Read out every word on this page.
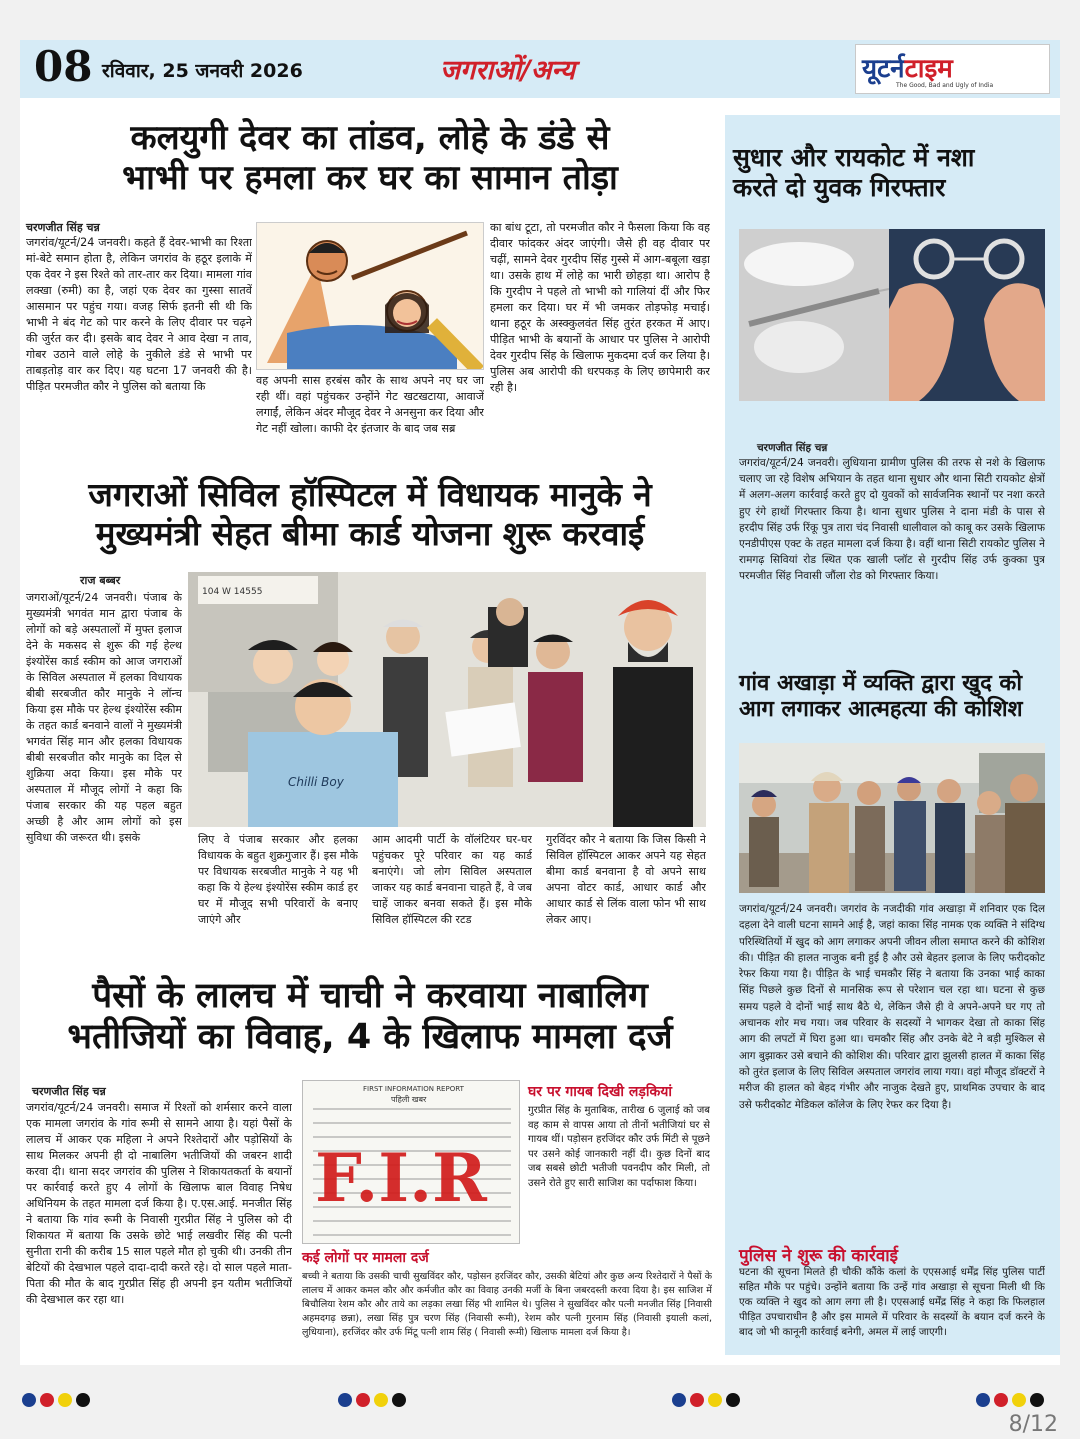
08 रविवार, 25 जनवरी 2026	जगराओं/अन्य	यूटर्नटाइम
The Good, Bad and Ugly of India
कलयुगी देवर का तांडव, लोहे के डंडे से
भाभी पर हमला कर घर का सामान तोड़ा
चरणजीत सिंह चन्न
जगरांव/यूटर्न/24 जनवरी। कहते हैं देवर-भाभी का रिश्ता मां-बेटे समान होता है, लेकिन जगरांव के हठूर इलाके में एक देवर ने इस रिश्ते को तार-तार कर दिया। मामला गांव लक्खा (रुमी) का है, जहां एक देवर का गुस्सा सातवें आसमान पर पहुंच गया। वजह सिर्फ इतनी सी थी कि भाभी ने बंद गेट को पार करने के लिए दीवार पर चढ़ने की जुर्रत कर दी। इसके बाद देवर ने आव देखा न ताव, गोबर उठाने वाले लोहे के नुकीले डंडे से भाभी पर ताबड़तोड़ वार कर दिए। यह घटना 17 जनवरी की है। पीड़ित परमजीत कौर ने पुलिस को बताया कि	वह अपनी सास हरबंस कौर के साथ अपने नए घर जा रही थीं। वहां पहुंचकर उन्होंने गेट खटखटाया, आवाजें लगाईं, लेकिन अंदर मौजूद देवर ने अनसुना कर दिया और गेट नहीं खोला। काफी देर इंतजार के बाद जब सब्र
का बांध टूटा, तो परमजीत कौर ने फैसला किया कि वह दीवार फांदकर अंदर जाएंगी। जैसे ही वह दीवार पर चढ़ीं, सामने देवर गुरदीप सिंह गुस्से में आग-बबूला खड़ा था। उसके हाथ में लोहे का भारी छोहड़ा था। आरोप है कि गुरदीप ने पहले तो भाभी को गालियां दीं और फिर हमला कर दिया। घर में भी जमकर तोड़फोड़ मचाई। थाना हठूर के अस्क्कुलवंत सिंह तुरंत हरकत में आए। पीड़ित भाभी के बयानों के आधार पर पुलिस ने आरोपी देवर गुरदीप सिंह के खिलाफ मुकदमा दर्ज कर लिया है। पुलिस अब आरोपी की धरपकड़ के लिए छापेमारी कर रही है।
जगराओं सिविल हॉस्पिटल में विधायक मानुके ने
मुख्यमंत्री सेहत बीमा कार्ड योजना शुरू करवाई
राज बब्बर
जगराओं/यूटर्न/24 जनवरी। पंजाब के मुख्यमंत्री भगवंत मान द्वारा पंजाब के लोगों को बड़े अस्पतालों में मुफ्त इलाज देने के मकसद से शुरू की गई हेल्थ इंश्योरेंस कार्ड स्कीम को आज जगराओं के सिविल अस्पताल में हलका विधायक बीबी सरबजीत कौर मानुके ने लॉन्च किया इस मौके पर हेल्थ इंश्योरेंस स्कीम के तहत कार्ड बनवाने वालों ने मुख्यमंत्री भगवंत सिंह मान और हलका विधायक बीबी सरबजीत कौर मानुके का दिल से शुक्रिया अदा किया। इस मौके पर अस्पताल में मौजूद लोगों ने कहा कि पंजाब सरकार की यह पहल बहुत अच्छी है और आम लोगों को इस सुविधा की जरूरत थी। इसके
104 W 14555
Chilli Boy
लिए वे पंजाब सरकार और हलका विधायक के बहुत शुक्रगुजार हैं। इस मौके पर विधायक सरबजीत मानुके ने यह भी कहा कि ये हेल्थ इंश्योरेंस स्कीम कार्ड हर घर में मौजूद सभी परिवारों के बनाए जाएंगे और
आम आदमी पार्टी के वॉलंटियर घर-घर पहुंचकर पूरे परिवार का यह कार्ड बनाएंगे। जो लोग सिविल अस्पताल जाकर यह कार्ड बनवाना चाहते हैं, वे जब चाहें जाकर बनवा सकते हैं। इस मौके सिविल हॉस्पिटल की रटड
गुरविंदर कौर ने बताया कि जिस किसी ने सिविल हॉस्पिटल आकर अपने यह सेहत बीमा कार्ड बनवाना है वो अपने साथ अपना वोटर कार्ड, आधार कार्ड और आधार कार्ड से लिंक वाला फोन भी साथ लेकर आए।
पैसों के लालच में चाची ने करवाया नाबालिग
भतीजियों का विवाह, 4 के खिलाफ मामला दर्ज
चरणजीत सिंह चन्न
जगरांव/यूटर्न/24 जनवरी। समाज में रिश्तों को शर्मसार करने वाला एक मामला जगरांव के गांव रूमी से सामने आया है। यहां पैसों के लालच में आकर एक महिला ने अपने रिश्तेदारों और पड़ोसियों के साथ मिलकर अपनी ही दो नाबालिग भतीजियों की जबरन शादी करवा दी। थाना सदर जगरांव की पुलिस ने शिकायतकर्ता के बयानों पर कार्रवाई करते हुए 4 लोगों के खिलाफ बाल विवाह निषेध अधिनियम के तहत मामला दर्ज किया है। ए.एस.आई. मनजीत सिंह ने बताया कि गांव रूमी के निवासी गुरप्रीत सिंह ने पुलिस को दी शिकायत में बताया कि उसके छोटे भाई लखवीर सिंह की पत्नी सुनीता रानी की करीब 15 साल पहले मौत हो चुकी थी। उनकी तीन बेटियों की देखभाल पहले दादा-दादी करते रहे। दो साल पहले माता-पिता की मौत के बाद गुरप्रीत सिंह ही अपनी इन यतीम भतीजियों की देखभाल कर रहा था।
FIRST INFORMATION REPORT
पहिली खबर
F.I.R
घर पर गायब दिखी लड़कियां
गुरप्रीत सिंह के मुताबिक, तारीख 6 जुलाई को जब वह काम से वापस आया तो तीनों भतीजियां घर से गायब थीं। पड़ोसन हरजिंदर कौर उर्फ मिंटी से पूछने पर उसने कोई जानकारी नहीं दी। कुछ दिनों बाद जब सबसे छोटी भतीजी पवनदीप कौर मिली, तो उसने रोते हुए सारी साजिश का पर्दाफाश किया।
कई लोगों पर मामला दर्ज
बच्ची ने बताया कि उसकी चाची सुखविंदर कौर, पड़ोसन हरजिंदर कौर, उसकी बेटियां और कुछ अन्य रिश्तेदारों ने पैसों के लालच में आकर कमल कौर और कर्मजीत कौर का विवाह उनकी मर्जी के बिना जबरदस्ती करवा दिया है। इस साजिश में बिचौलिया रेशम कौर और ताये का लड़का लखा सिंह भी शामिल थे। पुलिस ने सुखविंदर कौर पत्नी मनजीत सिंह [निवासी अहमदगढ़ छन्ना), लखा सिंह पुत्र चरण सिंह (निवासी रूमी), रेशम कौर पत्नी गुरनाम सिंह (निवासी इयाली कलां, लुधियाना), हरजिंदर कौर उर्फ मिंटू पत्नी शाम सिंह ( निवासी रूमी) खिलाफ मामला दर्ज किया है।
सुधार और रायकोट में नशा
करते दो युवक गिरफ्तार
चरणजीत सिंह चन्न
जगरांव/यूटर्न/24 जनवरी। लुधियाना ग्रामीण पुलिस की तरफ से नशे के खिलाफ चलाए जा रहे विशेष अभियान के तहत थाना सुधार और थाना सिटी रायकोट क्षेत्रों में अलग-अलग कार्रवाई करते हुए दो युवकों को सार्वजनिक स्थानों पर नशा करते हुए रंगे हाथों गिरफ्तार किया है। थाना सुधार पुलिस ने दाना मंडी के पास से हरदीप सिंह उर्फ रिंकू पुत्र तारा चंद निवासी धालीवाल को काबू कर उसके खिलाफ एनडीपीएस एक्ट के तहत मामला दर्ज किया है। वहीं थाना सिटी रायकोट पुलिस ने रामगढ़ सिवियां रोड स्थित एक खाली प्लॉट से गुरदीप सिंह उर्फ कुक्का पुत्र परमजीत सिंह निवासी जौंला रोड को गिरफ्तार किया।
गांव अखाड़ा में व्यक्ति द्वारा खुद को
आग लगाकर आत्महत्या की कोशिश
जगरांव/यूटर्न/24 जनवरी। जगरांव के नजदीकी गांव अखाड़ा में शनिवार एक दिल दहला देने वाली घटना सामने आई है, जहां काका सिंह नामक एक व्यक्ति ने संदिग्ध परिस्थितियों में खुद को आग लगाकर अपनी जीवन लीला समाप्त करने की कोशिश की। पीड़ित की हालत नाजुक बनी हुई है और उसे बेहतर इलाज के लिए फरीदकोट रेफर किया गया है। पीड़ित के भाई चमकौर सिंह ने बताया कि उनका भाई काका सिंह पिछले कुछ दिनों से मानसिक रूप से परेशान चल रहा था। घटना से कुछ समय पहले वे दोनों भाई साथ बैठे थे, लेकिन जैसे ही वे अपने-अपने घर गए तो अचानक शोर मच गया। जब परिवार के सदस्यों ने भागकर देखा तो काका सिंह आग की लपटों में घिरा हुआ था। चमकौर सिंह और उनके बेटे ने बड़ी मुश्किल से आग बुझाकर उसे बचाने की कोशिश की। परिवार द्वारा झुलसी हालत में काका सिंह को तुरंत इलाज के लिए सिविल अस्पताल जगरांव लाया गया। वहां मौजूद डॉक्टरों ने मरीज की हालत को बेहद गंभीर और नाजुक देखते हुए, प्राथमिक उपचार के बाद उसे फरीदकोट मेडिकल कॉलेज के लिए रेफर कर दिया है।
पुलिस ने शुरू की कार्रवाई
घटना की सूचना मिलते ही चौकी कौंके कलां के एएसआई धर्मेंद्र सिंह पुलिस पार्टी सहित मौके पर पहुंचे। उन्होंने बताया कि उन्हें गांव अखाड़ा से सूचना मिली थी कि एक व्यक्ति ने खुद को आग लगा ली है। एएसआई धर्मेंद्र सिंह ने कहा कि फिलहाल पीड़ित उपचाराधीन है और इस मामले में परिवार के सदस्यों के बयान दर्ज करने के बाद जो भी कानूनी कार्रवाई बनेगी, अमल में लाई जाएगी।
8/12
